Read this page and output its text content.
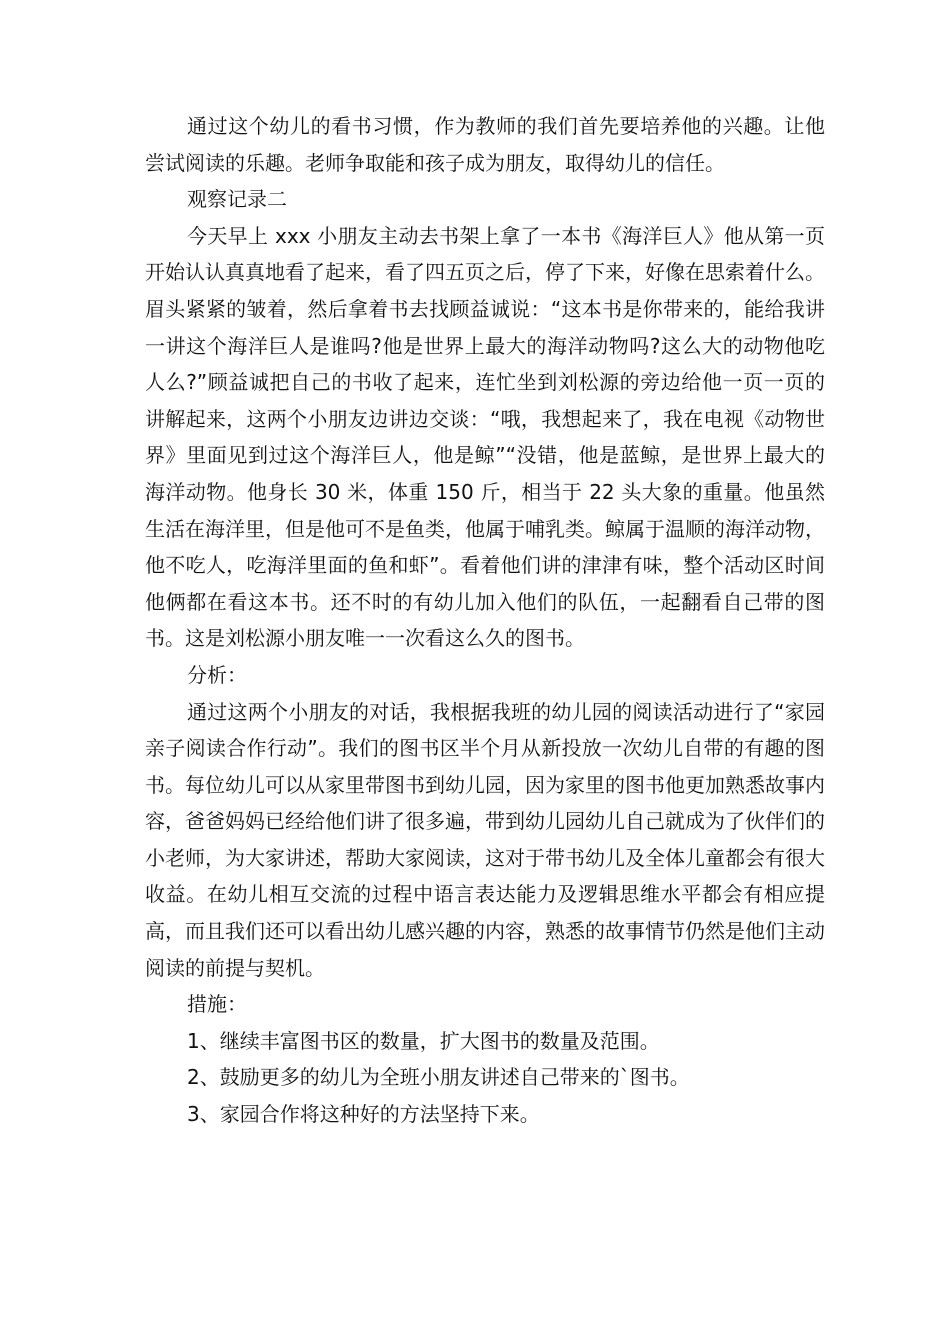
通过这个幼儿的看书习惯，作为教师的我们首先要培养他的兴趣。让他尝试阅读的乐趣。老师争取能和孩子成为朋友，取得幼儿的信任。

观察记录二

今天早上 xxx 小朋友主动去书架上拿了一本书《海洋巨人》他从第一页开始认认真真地看了起来，看了四五页之后，停了下来，好像在思索着什么。眉头紧紧的皱着，然后拿着书去找顾益诚说：“这本书是你带来的，能给我讲一讲这个海洋巨人是谁吗?他是世界上最大的海洋动物吗?这么大的动物他吃人么?”顾益诚把自己的书收了起来，连忙坐到刘松源的旁边给他一页一页的讲解起来，这两个小朋友边讲边交谈：“哦，我想起来了，我在电视《动物世界》里面见到过这个海洋巨人，他是鲸”“没错，他是蓝鲸，是世界上最大的海洋动物。他身长 30 米，体重 150 斤，相当于 22 头大象的重量。他虽然生活在海洋里，但是他可不是鱼类，他属于哺乳类。鲸属于温顺的海洋动物，他不吃人，吃海洋里面的鱼和虾”。看着他们讲的津津有味，整个活动区时间他俩都在看这本书。还不时的有幼儿加入他们的队伍，一起翻看自己带的图书。这是刘松源小朋友唯一一次看这么久的图书。

分析：

通过这两个小朋友的对话，我根据我班的幼儿园的阅读活动进行了“家园亲子阅读合作行动”。我们的图书区半个月从新投放一次幼儿自带的有趣的图书。每位幼儿可以从家里带图书到幼儿园，因为家里的图书他更加熟悉故事内容，爸爸妈妈已经给他们讲了很多遍，带到幼儿园幼儿自己就成为了伙伴们的小老师，为大家讲述，帮助大家阅读，这对于带书幼儿及全体儿童都会有很大收益。在幼儿相互交流的过程中语言表达能力及逻辑思维水平都会有相应提高，而且我们还可以看出幼儿感兴趣的内容，熟悉的故事情节仍然是他们主动阅读的前提与契机。

措施：

1、继续丰富图书区的数量，扩大图书的数量及范围。

2、鼓励更多的幼儿为全班小朋友讲述自己带来的`图书。

3、家园合作将这种好的方法坚持下来。
